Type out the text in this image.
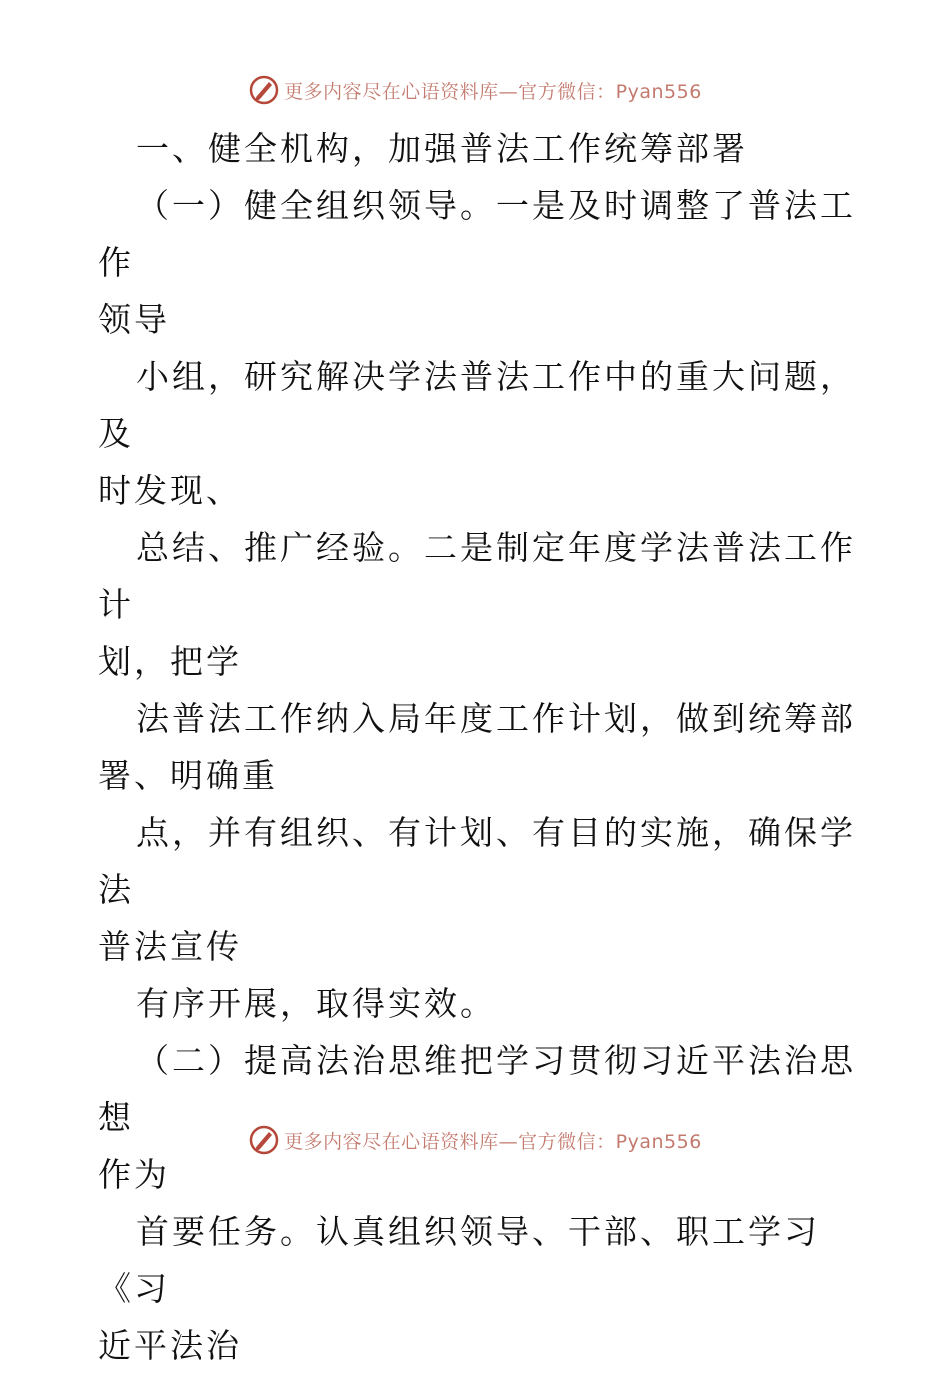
更多内容尽在心语资料库—官方微信：Pyan556
一、健全机构，加强普法工作统筹部署
（一）健全组织领导。一是及时调整了普法工作
领导
小组，研究解决学法普法工作中的重大问题，及
时发现、
总结、推广经验。二是制定年度学法普法工作计
划，把学
法普法工作纳入局年度工作计划，做到统筹部
署、明确重
点，并有组织、有计划、有目的实施，确保学法
普法宣传
有序开展，取得实效。
（二）提高法治思维把学习贯彻习近平法治思想
作为
首要任务。认真组织领导、干部、职工学习《习
近平法治
更多内容尽在心语资料库—官方微信：Pyan556
